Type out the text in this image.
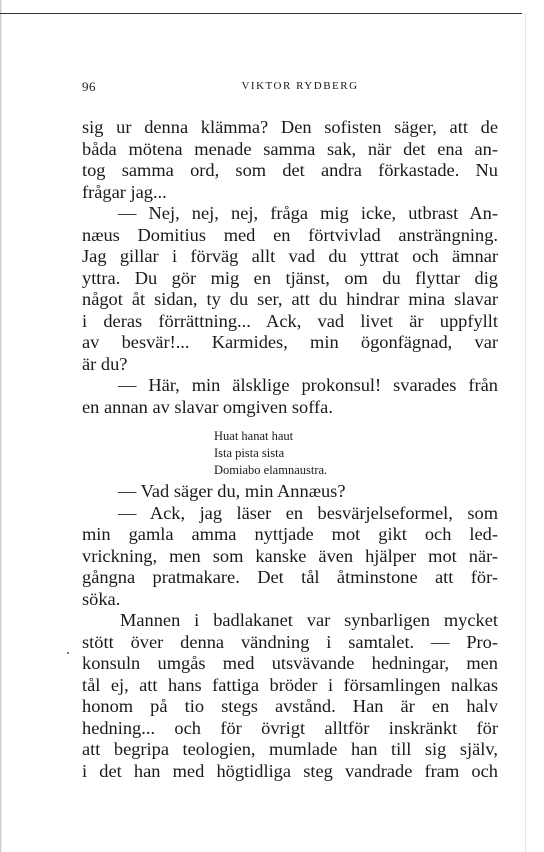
96	VIKTOR RYDBERG
sig ur denna klämma? Den sofisten säger, att de
båda mötena menade samma sak, när det ena an-
tog samma ord, som det andra förkastade. Nu
frågar jag...
— Nej, nej, nej, fråga mig icke, utbrast An-
næus Domitius med en förtvivlad ansträngning.
Jag gillar i förväg allt vad du yttrat och ämnar
yttra. Du gör mig en tjänst, om du flyttar dig
något åt sidan, ty du ser, att du hindrar mina slavar
i deras förrättning... Ack, vad livet är uppfyllt
av besvär!... Karmides, min ögonfägnad, var
är du?
— Här, min älsklige prokonsul! svarades från
en annan av slavar omgiven soffa.
Huat hanat haut
Ista pista sista
Domiabo elamnaustra.
— Vad säger du, min Annæus?
— Ack, jag läser en besvärjelseformel, som
min gamla amma nyttjade mot gikt och led-
vrickning, men som kanske även hjälper mot när-
gångna pratmakare. Det tål åtminstone att för-
söka.
Mannen i badlakanet var synbarligen mycket
stött över denna vändning i samtalet. — Pro-
konsuln umgås med utsvävande hedningar, men
tål ej, att hans fattiga bröder i församlingen nalkas
honom på tio stegs avstånd. Han är en halv
hedning... och för övrigt alltför inskränkt för
att begripa teologien, mumlade han till sig själv,
i det han med högtidliga steg vandrade fram och
